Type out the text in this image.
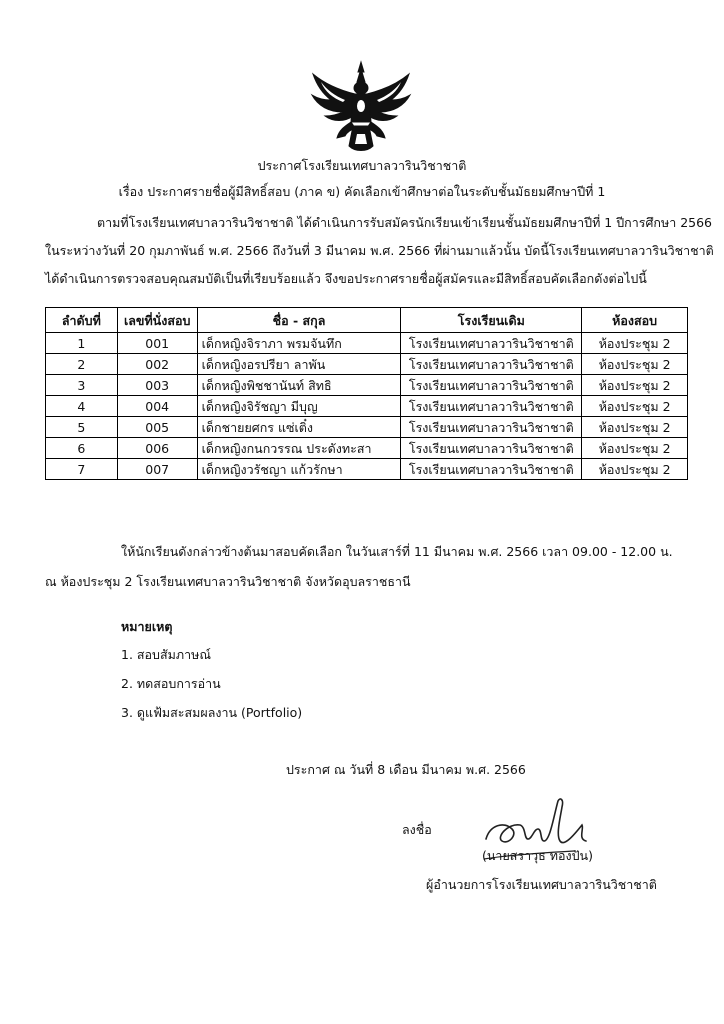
ประกาศโรงเรียนเทศบาลวารินวิชาชาติ
เรื่อง ประกาศรายชื่อผู้มีสิทธิ์สอบ (ภาค ข) คัดเลือกเข้าศึกษาต่อในระดับชั้นมัธยมศึกษาปีที่ 1
ตามที่โรงเรียนเทศบาลวารินวิชาชาติ ได้ดำเนินการรับสมัครนักเรียนเข้าเรียนชั้นมัธยมศึกษาปีที่ 1 ปีการศึกษา 2566
ในระหว่างวันที่ 20 กุมภาพันธ์ พ.ศ. 2566 ถึงวันที่ 3 มีนาคม พ.ศ. 2566 ที่ผ่านมาแล้วนั้น บัดนี้โรงเรียนเทศบาลวารินวิชาชาติ
ได้ดำเนินการตรวจสอบคุณสมบัติเป็นที่เรียบร้อยแล้ว จึงขอประกาศรายชื่อผู้สมัครและมีสิทธิ์สอบคัดเลือกดังต่อไปนี้
ลำดับที่	เลขที่นั่งสอบ	ชื่อ - สกุล	โรงเรียนเดิม	ห้องสอบ
1	001	เด็กหญิงจิราภา พรมจันทึก	โรงเรียนเทศบาลวารินวิชาชาติ	ห้องประชุม 2
2	002	เด็กหญิงอรปรียา ลาพัน	โรงเรียนเทศบาลวารินวิชาชาติ	ห้องประชุม 2
3	003	เด็กหญิงพิชชานันท์ สิทธิ	โรงเรียนเทศบาลวารินวิชาชาติ	ห้องประชุม 2
4	004	เด็กหญิงจิรัชญา มีบุญ	โรงเรียนเทศบาลวารินวิชาชาติ	ห้องประชุม 2
5	005	เด็กชายยศกร แซ่เติ๋ง	โรงเรียนเทศบาลวารินวิชาชาติ	ห้องประชุม 2
6	006	เด็กหญิงกนกวรรณ ประดังทะสา	โรงเรียนเทศบาลวารินวิชาชาติ	ห้องประชุม 2
7	007	เด็กหญิงวรัชญา แก้วรักษา	โรงเรียนเทศบาลวารินวิชาชาติ	ห้องประชุม 2
ให้นักเรียนดังกล่าวข้างต้นมาสอบคัดเลือก ในวันเสาร์ที่ 11 มีนาคม พ.ศ. 2566 เวลา 09.00 - 12.00 น.
ณ ห้องประชุม 2 โรงเรียนเทศบาลวารินวิชาชาติ จังหวัดอุบลราชธานี
หมายเหตุ
1. สอบสัมภาษณ์
2. ทดสอบการอ่าน
3. ดูแฟ้มสะสมผลงาน (Portfolio)
ประกาศ ณ วันที่ 8 เดือน มีนาคม พ.ศ. 2566
ลงชื่อ
(นายสราวุธ ทองปัน)
ผู้อำนวยการโรงเรียนเทศบาลวารินวิชาชาติ
